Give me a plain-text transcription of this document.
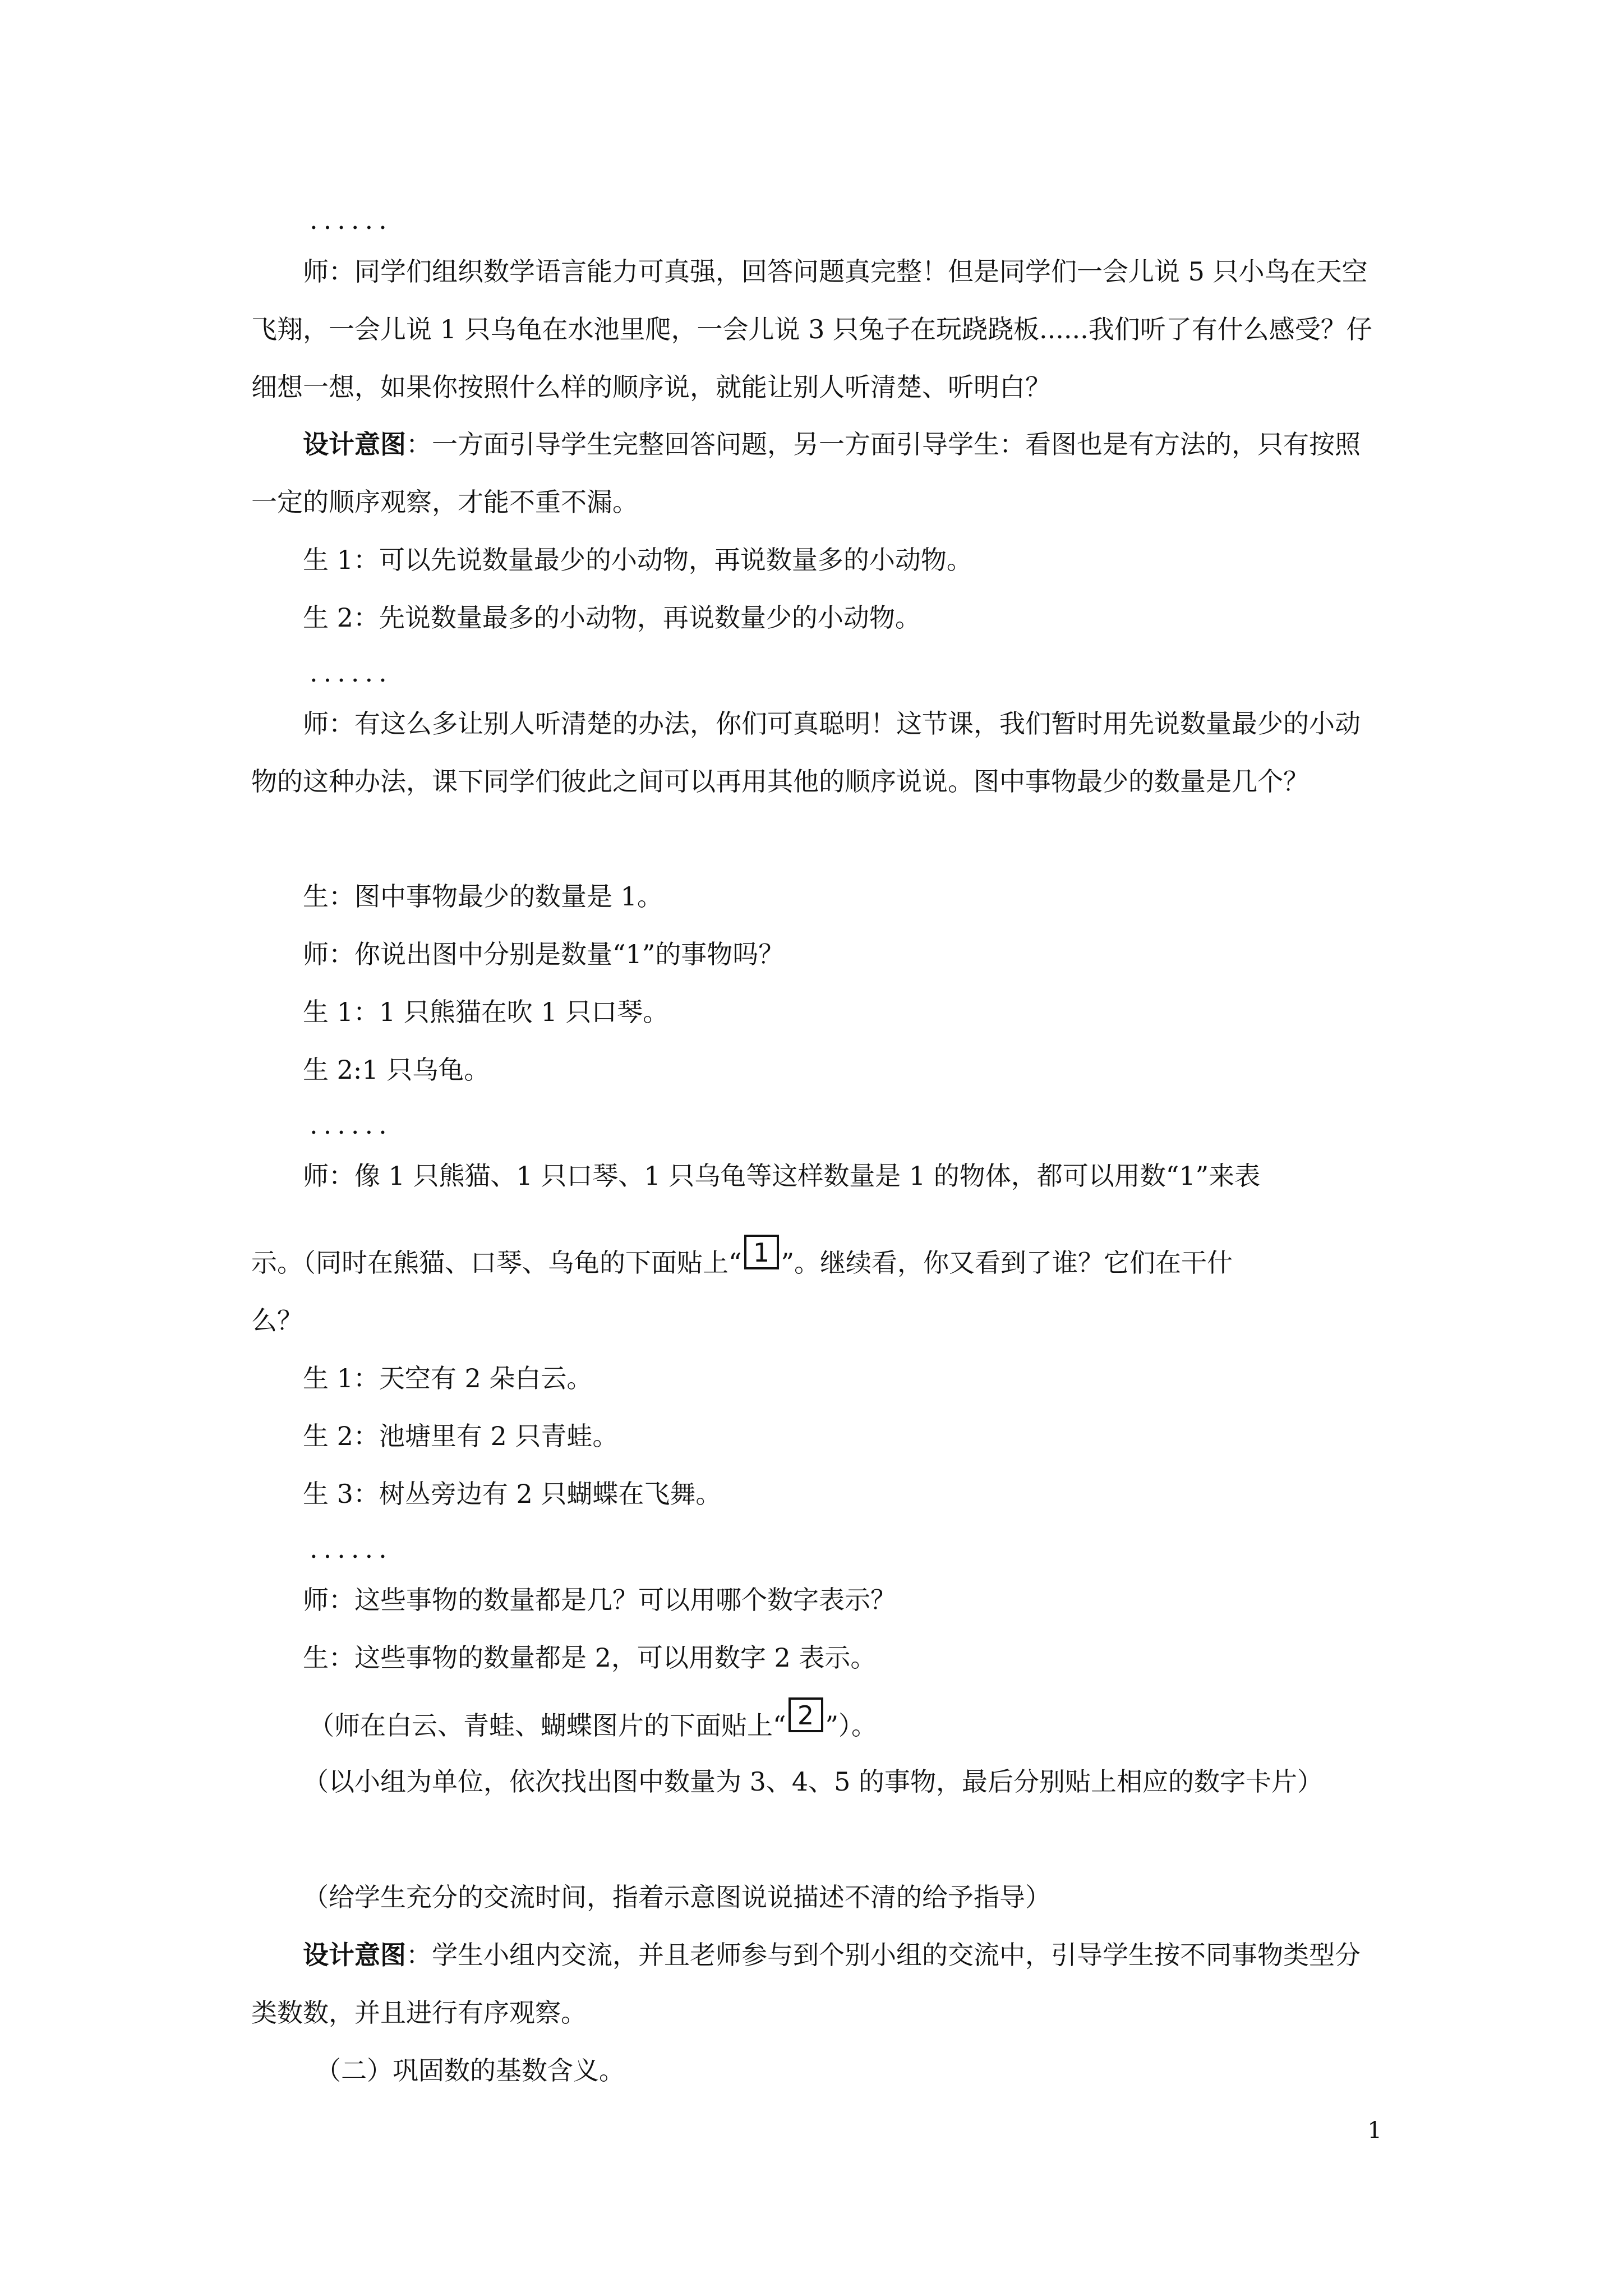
......

师：同学们组织数学语言能力可真强，回答问题真完整！但是同学们一会儿说 5 只小鸟在天空飞翔，一会儿说 1 只乌龟在水池里爬，一会儿说 3 只兔子在玩跷跷板......我们听了有什么感受？仔细想一想，如果你按照什么样的顺序说，就能让别人听清楚、听明白？

设计意图：一方面引导学生完整回答问题，另一方面引导学生：看图也是有方法的，只有按照一定的顺序观察，才能不重不漏。

生 1：可以先说数量最少的小动物，再说数量多的小动物。

生 2：先说数量最多的小动物，再说数量少的小动物。

......

师：有这么多让别人听清楚的办法，你们可真聪明！这节课，我们暂时用先说数量最少的小动物的这种办法，课下同学们彼此之间可以再用其他的顺序说说。图中事物最少的数量是几个？

生：图中事物最少的数量是 1。

师：你说出图中分别是数量“1”的事物吗？

生 1：1 只熊猫在吹 1 只口琴。

生 2:1 只乌龟。

......

师：像 1 只熊猫、1 只口琴、1 只乌龟等这样数量是 1 的物体，都可以用数“1”来表

示。（同时在熊猫、口琴、乌龟的下面贴上“ 1 ”。继续看，你又看到了谁？它们在干什

么？

生 1：天空有 2 朵白云。

生 2：池塘里有 2 只青蛙。

生 3：树丛旁边有 2 只蝴蝶在飞舞。

......

师：这些事物的数量都是几？可以用哪个数字表示？

生：这些事物的数量都是 2，可以用数字 2 表示。

（师在白云、青蛙、蝴蝶图片的下面贴上“ 2 ”）。

（以小组为单位，依次找出图中数量为 3、4、5 的事物，最后分别贴上相应的数字卡片）

（给学生充分的交流时间，指着示意图说说描述不清的给予指导）

设计意图：学生小组内交流，并且老师参与到个别小组的交流中，引导学生按不同事物类型分类数数，并且进行有序观察。

（二）巩固数的基数含义。

1
